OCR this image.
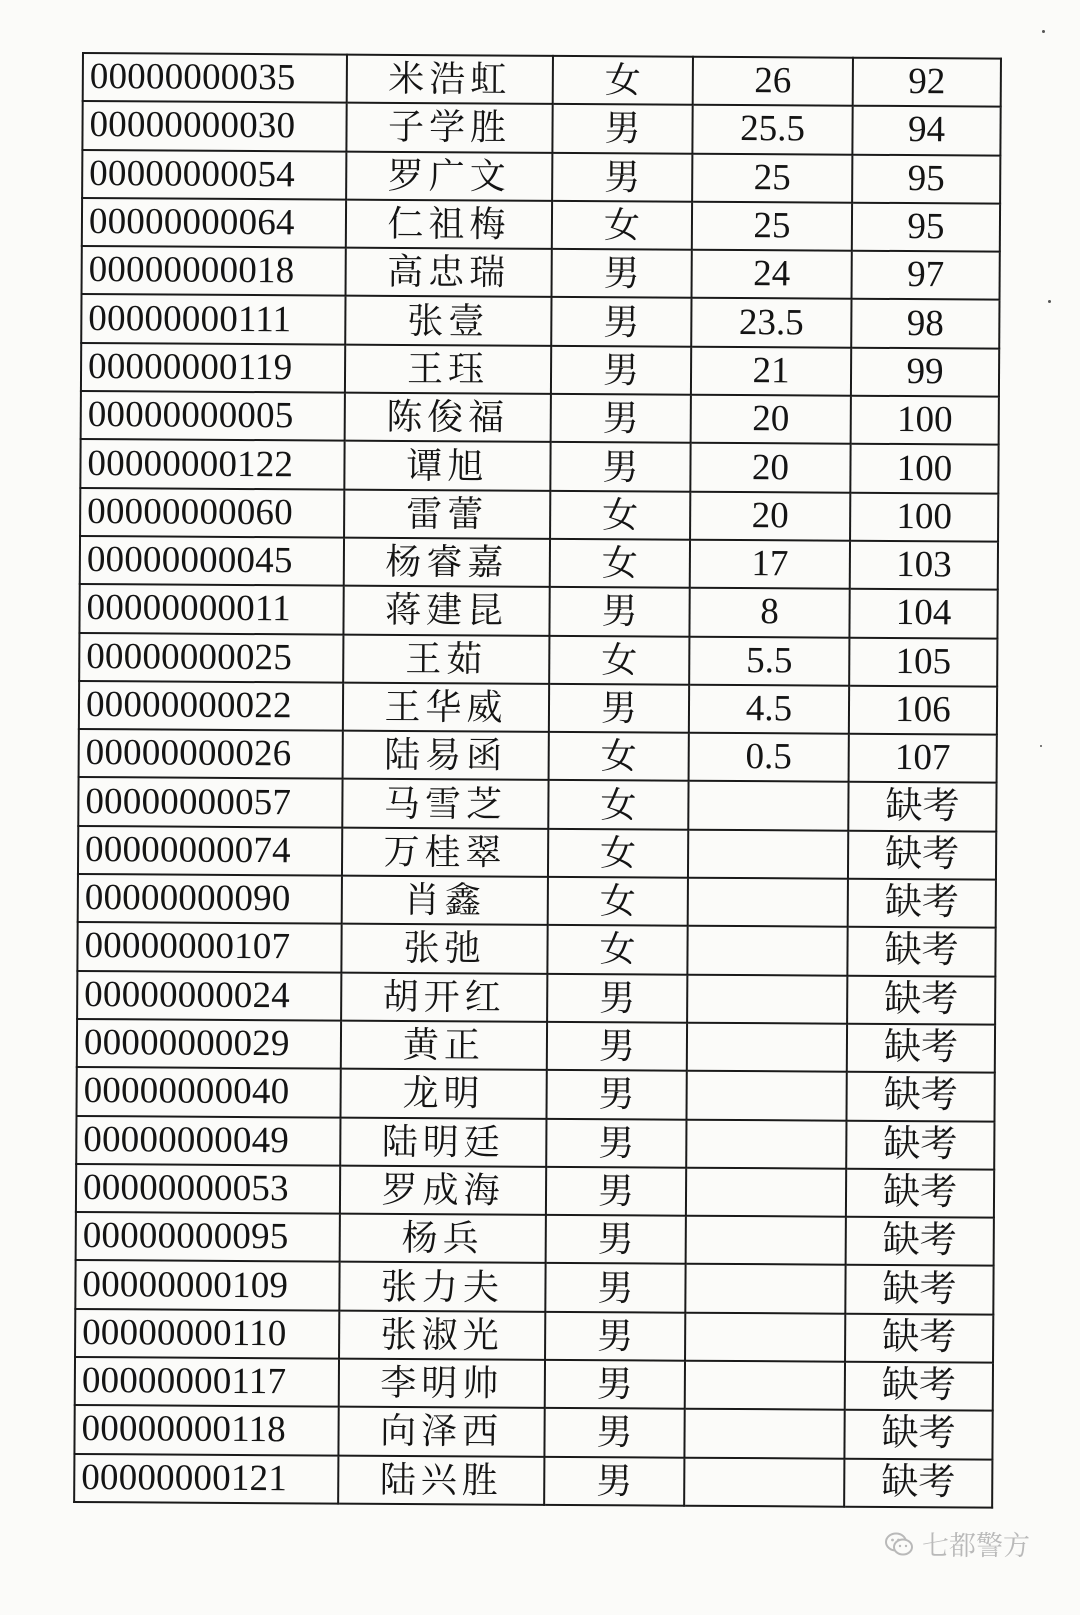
00000000035	米浩虹	女	26	92
00000000030	子学胜	男	25.5	94
00000000054	罗广文	男	25	95
00000000064	仁祖梅	女	25	95
00000000018	高忠瑞	男	24	97
00000000111	张壹	男	23.5	98
00000000119	王珏	男	21	99
00000000005	陈俊福	男	20	100
00000000122	谭旭	男	20	100
00000000060	雷蕾	女	20	100
00000000045	杨睿嘉	女	17	103
00000000011	蒋建昆	男	8	104
00000000025	王茹	女	5.5	105
00000000022	王华威	男	4.5	106
00000000026	陆易函	女	0.5	107
00000000057	马雪芝	女		缺考
00000000074	万桂翠	女		缺考
00000000090	肖鑫	女		缺考
00000000107	张弛	女		缺考
00000000024	胡开红	男		缺考
00000000029	黄正	男		缺考
00000000040	龙明	男		缺考
00000000049	陆明廷	男		缺考
00000000053	罗成海	男		缺考
00000000095	杨兵	男		缺考
00000000109	张力夫	男		缺考
00000000110	张淑光	男		缺考
00000000117	李明帅	男		缺考
00000000118	向泽西	男		缺考
00000000121	陆兴胜	男		缺考
七都警方
